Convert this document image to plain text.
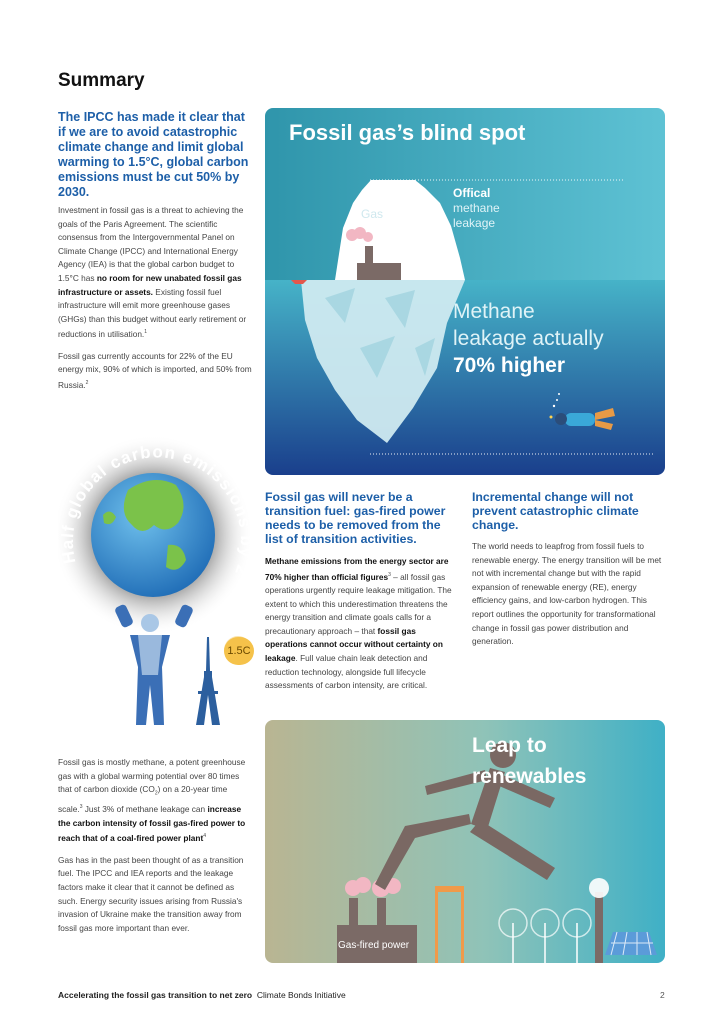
Summary
The IPCC has made it clear that if we are to avoid catastrophic climate change and limit global warming to 1.5°C, global carbon emissions must be cut 50% by 2030.

Investment in fossil gas is a threat to achieving the goals of the Paris Agreement. The scientific consensus from the Intergovernmental Panel on Climate Change (IPCC) and International Energy Agency (IEA) is that the global carbon budget to 1.5°C has no room for new unabated fossil gas infrastructure or assets. Existing fossil fuel infrastructure will emit more greenhouse gases (GHGs) than this budget without early retirement or reductions in utilisation.$^1$

Fossil gas currently accounts for 22% of the EU energy mix, 90% of which is imported, and 50% from Russia.$^2$

Fossil gas’s blind spot
Gas
Offical
methane
leakage
Methane
leakage actually
70% higher
Half global carbon emissions by 2
1.5C
Fossil gas will never be a transition fuel: gas-fired power needs to be removed from the list of transition activities.

Methane emissions from the energy sector are 70% higher than official figures$^3$ – all fossil gas operations urgently require leakage mitigation. The extent to which this underestimation threatens the energy transition and climate goals calls for a precautionary approach – that fossil gas operations cannot occur without certainty on leakage. Full value chain leak detection and reduction technology, alongside full lifecycle assessments of carbon intensity, are critical.

Incremental change will not prevent catastrophic climate change.

The world needs to leapfrog from fossil fuels to renewable energy. The energy transition will be met not with incremental change but with the rapid expansion of renewable energy (RE), energy efficiency gains, and low-carbon hydrogen. This report outlines the opportunity for transformational change in fossil gas power distribution and generation.

Fossil gas is mostly methane, a potent greenhouse gas with a global warming potential over 80 times that of carbon dioxide $(CO_2)$ on a 20-year time scale.$^3$ Just 3% of methane leakage can increase the carbon intensity of fossil gas-fired power to reach that of a coal-fired power plant$^4$

Gas has in the past been thought of as a transition fuel. The IPCC and IEA reports and the leakage factors make it clear that it cannot be defined as such. Energy security issues arising from Russia's invasion of Ukraine make the transition away from fossil gas more important than ever.

Leap to
renewables
Gas-fired power
Accelerating the fossil gas transition to net zero Climate Bonds Initiative	2
